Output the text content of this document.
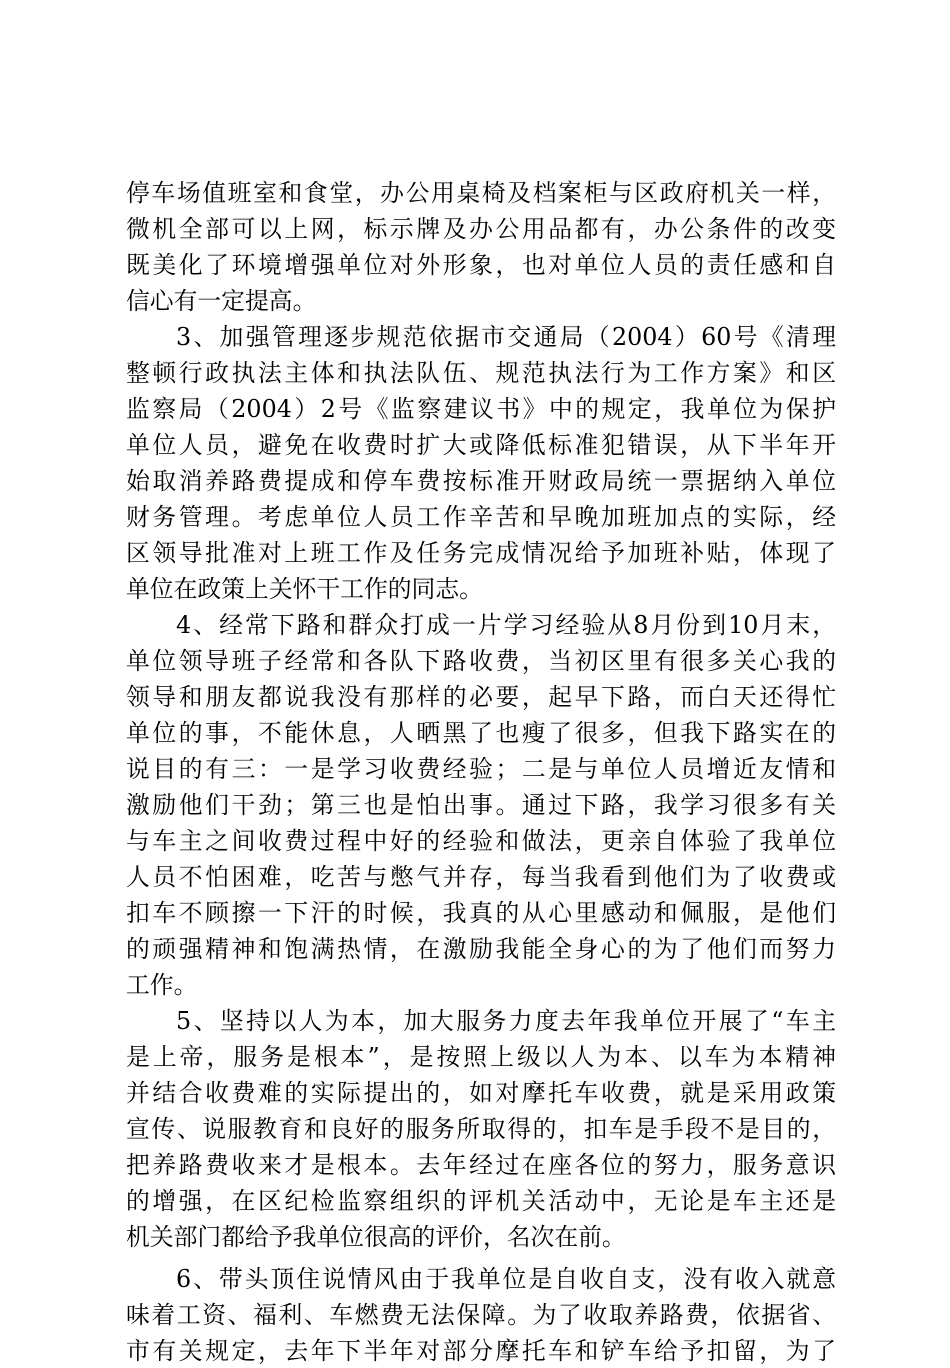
停车场值班室和食堂，办公用桌椅及档案柜与区政府机关一样，
微机全部可以上网，标示牌及办公用品都有，办公条件的改变
既美化了环境增强单位对外形象，也对单位人员的责任感和自
信心有一定提高。
3、加强管理逐步规范依据市交通局（2004）60号《清理
整顿行政执法主体和执法队伍、规范执法行为工作方案》和区
监察局（2004）2号《监察建议书》中的规定，我单位为保护
单位人员，避免在收费时扩大或降低标准犯错误，从下半年开
始取消养路费提成和停车费按标准开财政局统一票据纳入单位
财务管理。考虑单位人员工作辛苦和早晚加班加点的实际，经
区领导批准对上班工作及任务完成情况给予加班补贴，体现了
单位在政策上关怀干工作的同志。
4、经常下路和群众打成一片学习经验从8月份到10月末，
单位领导班子经常和各队下路收费，当初区里有很多关心我的
领导和朋友都说我没有那样的必要，起早下路，而白天还得忙
单位的事，不能休息，人晒黑了也瘦了很多，但我下路实在的
说目的有三：一是学习收费经验；二是与单位人员增近友情和
激励他们干劲；第三也是怕出事。通过下路，我学习很多有关
与车主之间收费过程中好的经验和做法，更亲自体验了我单位
人员不怕困难，吃苦与憋气并存，每当我看到他们为了收费或
扣车不顾擦一下汗的时候，我真的从心里感动和佩服，是他们
的顽强精神和饱满热情，在激励我能全身心的为了他们而努力
工作。
5、坚持以人为本，加大服务力度去年我单位开展了“车主
是上帝，服务是根本”，是按照上级以人为本、以车为本精神
并结合收费难的实际提出的，如对摩托车收费，就是采用政策
宣传、说服教育和良好的服务所取得的，扣车是手段不是目的，
把养路费收来才是根本。去年经过在座各位的努力，服务意识
的增强，在区纪检监察组织的评机关活动中，无论是车主还是
机关部门都给予我单位很高的评价，名次在前。
6、带头顶住说情风由于我单位是自收自支，没有收入就意
味着工资、福利、车燃费无法保障。为了收取养路费，依据省、
市有关规定，去年下半年对部分摩托车和铲车给予扣留，为了
